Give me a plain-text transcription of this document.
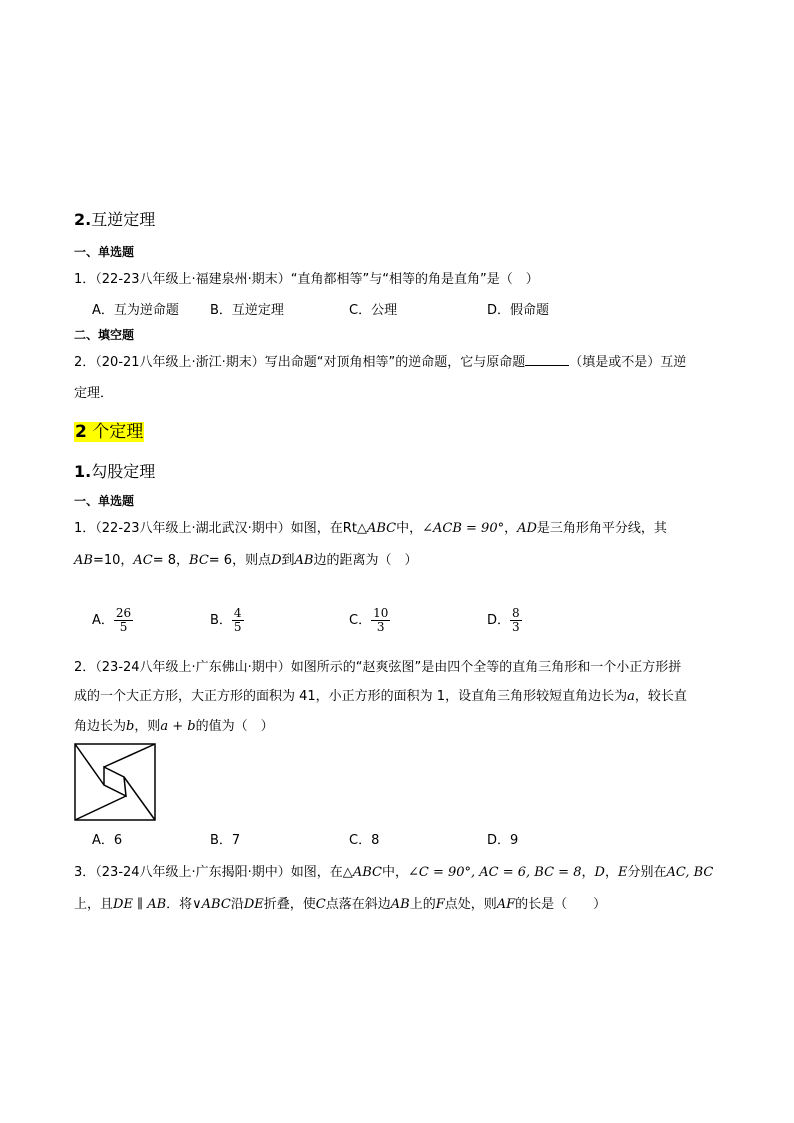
2.互逆定理
一、单选题
1．（22-23八年级上·福建泉州·期末）“直角都相等”与“相等的角是直角”是（　）
A．互为逆命题 B．互逆定理	C．公理	D．假命题
二、填空题
2．（20-21八年级上·浙江·期末）写出命题“对顶角相等”的逆命题，它与原命题	（填是或不是）互逆
定理．
2 个定理
1.勾股定理
一、单选题
1．（22-23八年级上·湖北武汉·期中）如图，在Rt△ABC中，∠ACB = 90°，AD是三角形角平分线，其
AB=10，AC= 8，BC= 6，则点D到AB边的距离为（　）
A． $\frac{26}{5}$	B． $\frac{4}{5}$	C． $\frac{10}{3}$	D． $\frac{8}{3}$
2．（23-24八年级上·广东佛山·期中）如图所示的“赵爽弦图”是由四个全等的直角三角形和一个小正方形拼
成的一个大正方形，大正方形的面积为 41，小正方形的面积为 1，设直角三角形较短直角边长为a，较长直
角边长为b，则a + b的值为（　）
A．6	B．7	C．8	D．9
3．（23-24八年级上·广东揭阳·期中）如图，在△ABC中，∠C = 90°, AC = 6, BC = 8，D，E分别在AC, BC
上，且DE ∥ AB．将∨ABC沿DE折叠，使C点落在斜边AB上的F点处，则AF的长是（　　）
